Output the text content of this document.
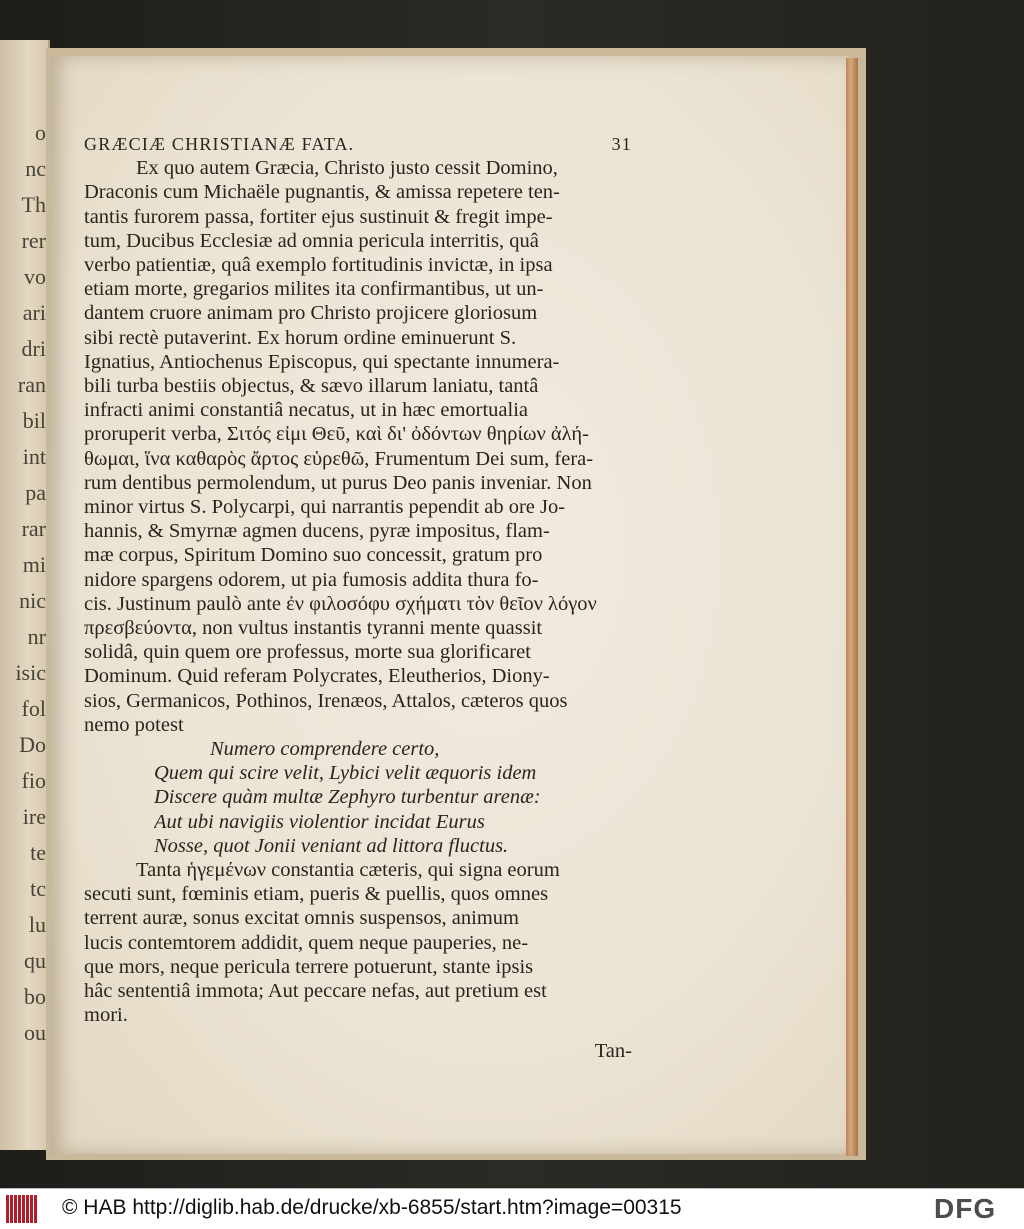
o
nc
Th
rer
vo
ari
dri
ran
bil
int
pa
rar
mi
nic
nr
isic
fol
Do
fio
ire
te
tc
lu
qu
bo
ou
GRÆCIÆ CHRISTIANÆ FATA.	31
Ex quo autem Græcia, Christo justo cessit Domino,
Draconis cum Michaële pugnantis, & amissa repetere ten-
tantis furorem passa, fortiter ejus sustinuit & fregit impe-
tum, Ducibus Ecclesiæ ad omnia pericula interritis, quâ
verbo patientiæ, quâ exemplo fortitudinis invictæ, in ipsa
etiam morte, gregarios milites ita confirmantibus, ut un-
dantem cruore animam pro Christo projicere gloriosum
sibi rectè putaverint. Ex horum ordine eminuerunt S.
Ignatius, Antiochenus Episcopus, qui spectante innumera-
bili turba bestiis objectus, & sævo illarum laniatu, tantâ
infracti animi constantiâ necatus, ut in hæc emortualia
proruperit verba, Σιτός εἰμι Θεῦ, καὶ δι' ὀδόντων θηρίων ἀλή-
θωμαι, ἵνα καθαρὸς ἄρτος εὑρεθῶ, Frumentum Dei sum, fera-
rum dentibus permolendum, ut purus Deo panis inveniar. Non
minor virtus S. Polycarpi, qui narrantis pependit ab ore Jo-
hannis, & Smyrnæ agmen ducens, pyræ impositus, flam-
mæ corpus, Spiritum Domino suo concessit, gratum pro
nidore spargens odorem, ut pia fumosis addita thura fo-
cis. Justinum paulò ante ἐν φιλοσόφυ σχήματι τὸν θεῖον λόγον
πρεσβεύοντα, non vultus instantis tyranni mente quassit
solidâ, quin quem ore professus, morte sua glorificaret
Dominum. Quid referam Polycrates, Eleutherios, Diony-
sios, Germanicos, Pothinos, Irenæos, Attalos, cæteros quos
nemo potest
Numero comprendere certo,
Quem qui scire velit, Lybici velit æquoris idem
Discere quàm multæ Zephyro turbentur arenæ:
Aut ubi navigiis violentior incidat Eurus
Nosse, quot Jonii veniant ad littora fluctus.
Tanta ἡγεμένων constantia cæteris, qui signa eorum
secuti sunt, fœminis etiam, pueris & puellis, quos omnes
terrent auræ, sonus excitat omnis suspensos, animum
lucis contemtorem addidit, quem neque pauperies, ne-
que mors, neque pericula terrere potuerunt, stante ipsis
hâc sententiâ immota; Aut peccare nefas, aut pretium est
mori.
Tan-
© HAB http://diglib.hab.de/drucke/xb-6855/start.htm?image=00315	DFG
